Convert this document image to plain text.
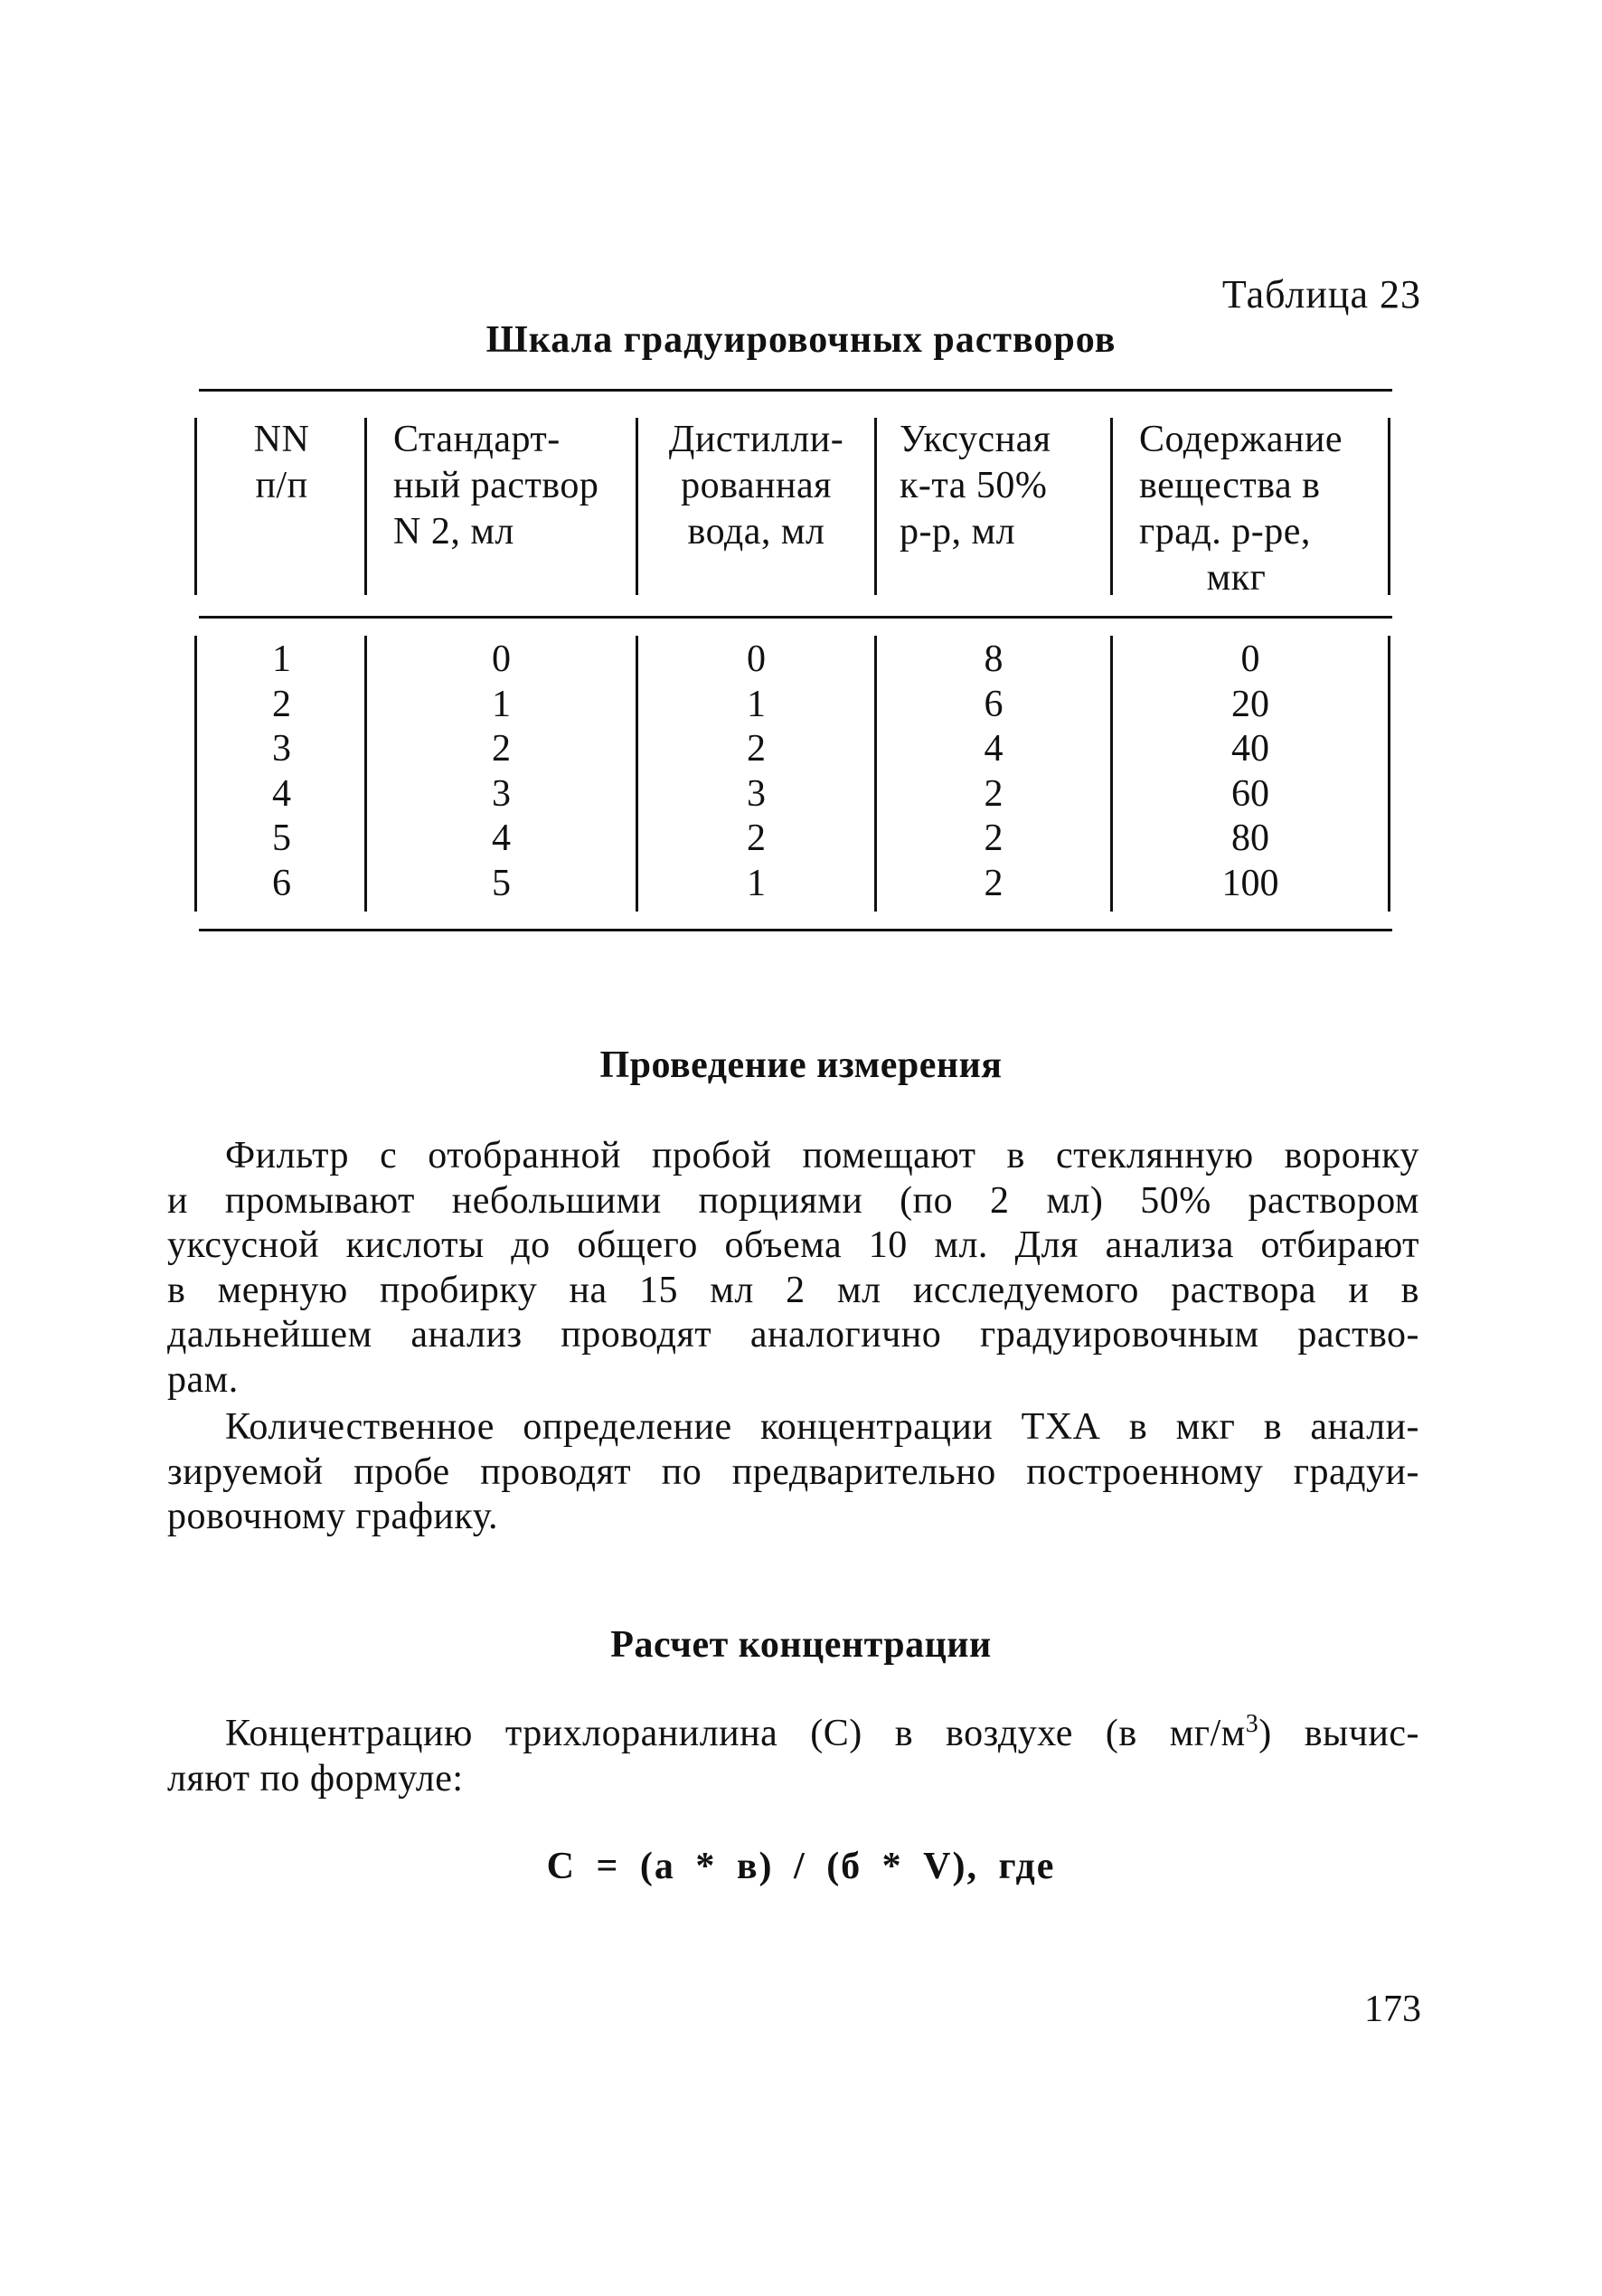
Таблица 23
Шкала градуировочных растворов
NN
п/п
Стандарт-
ный раствор
N 2, мл
Дистилли-
рованная
вода, мл
Уксусная
к-та 50%
р-р, мл
Содержание
вещества в
град. р-ре,
мкг
1
2
3
4
5
6
0
1
2
3
4
5
0
1
2
3
2
1
8
6
4
2
2
2
0
20
40
60
80
100
Проведение измерения
Фильтр с отобранной пробой помещают в стеклянную воронку
и промывают небольшими порциями (по 2 мл) 50% раствором
уксусной кислоты до общего объема 10 мл. Для анализа отбирают
в мерную пробирку на 15 мл 2 мл исследуемого раствора и в
дальнейшем анализ проводят аналогично градуировочным раство-
рам.
Количественное определение концентрации ТХА в мкг в анали-
зируемой пробе проводят по предварительно построенному градуи-
ровочному графику.
Расчет концентрации
Концентрацию трихлоранилина (С) в воздухе (в $мг/м^3$) вычис-
ляют по формуле:
С = (а * в) / (б * V), где
173
